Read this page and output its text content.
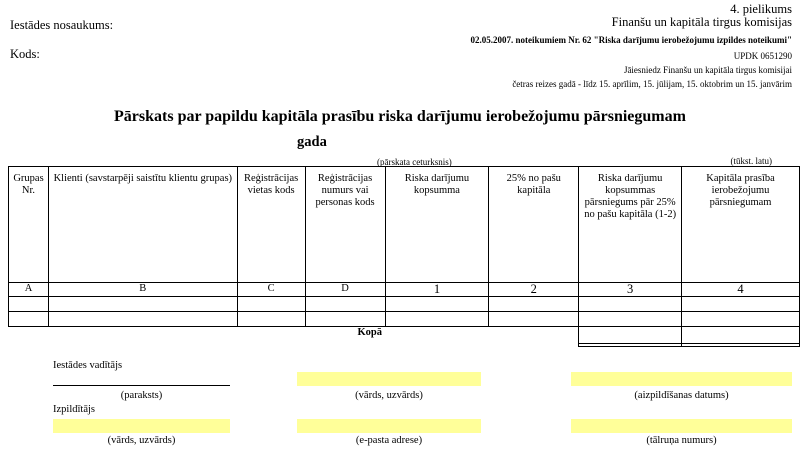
Iestādes nosaukums:
Kods:
4. pielikums
Finanšu un kapitāla tirgus komisijas
02.05.2007. noteikumiem Nr. 62 "Riska darījumu ierobežojumu izpildes noteikumi"
UPDK 0651290
Jāiesniedz Finanšu un kapitāla tirgus komisijai
četras reizes gadā - līdz 15. aprīlim, 15. jūlijam, 15. oktobrim un 15. janvārim
Pārskats par papildu kapitāla prasību riska darījumu ierobežojumu pārsniegumam
gada
(pārskata ceturksnis)	(tūkst. latu)
Grupas Nr.	Klienti (savstarpēji saistītu klientu grupas)	Reģistrācijas vietas kods	Reģistrācijas numurs vai personas kods	Riska darījumu kopsumma	25% no pašu kapitāla	Riska darījumu kopsummas pārsniegums pār 25% no pašu kapitāla (1-2)	Kapitāla prasība ierobežojumu pārsniegumam
A	B	C	D	1	2	3	4

			Kopā				

Iestādes vadītājs
(paraksts)	(vārds, uzvārds)	(aizpildīšanas datums)
Izpildītājs
(vārds, uzvārds)	(e-pasta adrese)	(tālruņa numurs)
